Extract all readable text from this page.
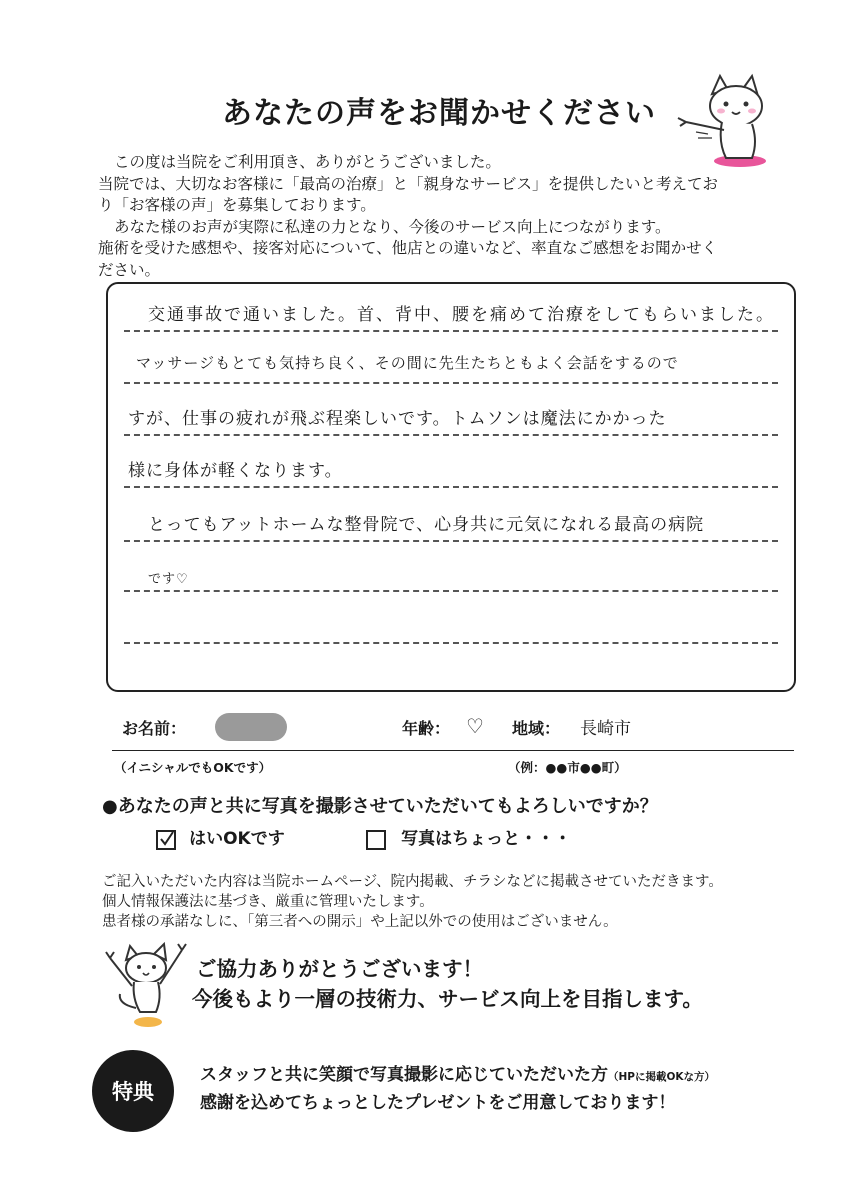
あなたの声をお聞かせください

この度は当院をご利用頂き、ありがとうございました。

当院では、大切なお客様に「最高の治療」と「親身なサービス」を提供したいと考えてお

り「お客様の声」を募集しております。

あなた様のお声が実際に私達の力となり、今後のサービス向上につながります。

施術を受けた感想や、接客対応について、他店との違いなど、率直なご感想をお聞かせく

ださい。

交通事故で通いました。首、背中、腰を痛めて治療をしてもらいました。
マッサージもとても気持ち良く、その間に先生たちともよく会話をするので
すが、仕事の疲れが飛ぶ程楽しいです。トムソンは魔法にかかった
様に身体が軽くなります。
とってもアットホームな整骨院で、心身共に元気になれる最高の病院
です♡
お名前：	年齢： ♡ 地域： 長崎市
（イニシャルでもOKです）	（例：●●市●●町）
●あなたの声と共に写真を撮影させていただいてもよろしいですか？
はいOKです	写真はちょっと・・・

ご記入いただいた内容は当院ホームページ、院内掲載、チラシなどに掲載させていただきます。

個人情報保護法に基づき、厳重に管理いたします。

患者様の承諾なしに、「第三者への開示」や上記以外での使用はございません。

ご協力ありがとうございます！

今後もより一層の技術力、サービス向上を目指します。

特典

スタッフと共に笑顔で写真撮影に応じていただいた方（HPに掲載OKな方）

感謝を込めてちょっとしたプレゼントをご用意しております！
